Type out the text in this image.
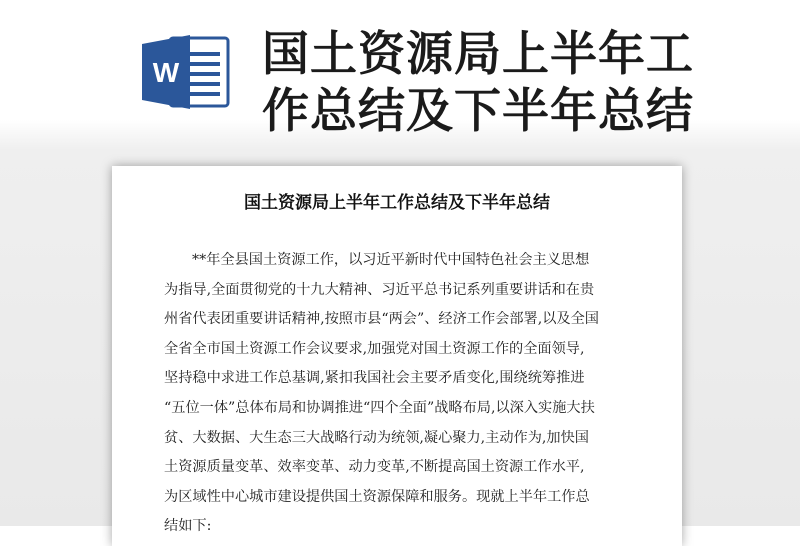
W 国土资源局上半年工
作总结及下半年总结
国土资源局上半年工作总结及下半年总结
**年全县国土资源工作，以习近平新时代中国特色社会主义思想
为指导,全面贯彻党的十九大精神、习近平总书记系列重要讲话和在贵
州省代表团重要讲话精神,按照市县“两会”、经济工作会部署,以及全国
全省全市国土资源工作会议要求,加强党对国土资源工作的全面领导,
坚持稳中求进工作总基调,紧扣我国社会主要矛盾变化,围绕统筹推进
“五位一体”总体布局和协调推进“四个全面”战略布局,以深入实施大扶
贫、大数据、大生态三大战略行动为统领,凝心聚力,主动作为,加快国
土资源质量变革、效率变革、动力变革,不断提高国土资源工作水平,
为区域性中心城市建设提供国土资源保障和服务。现就上半年工作总
结如下:
